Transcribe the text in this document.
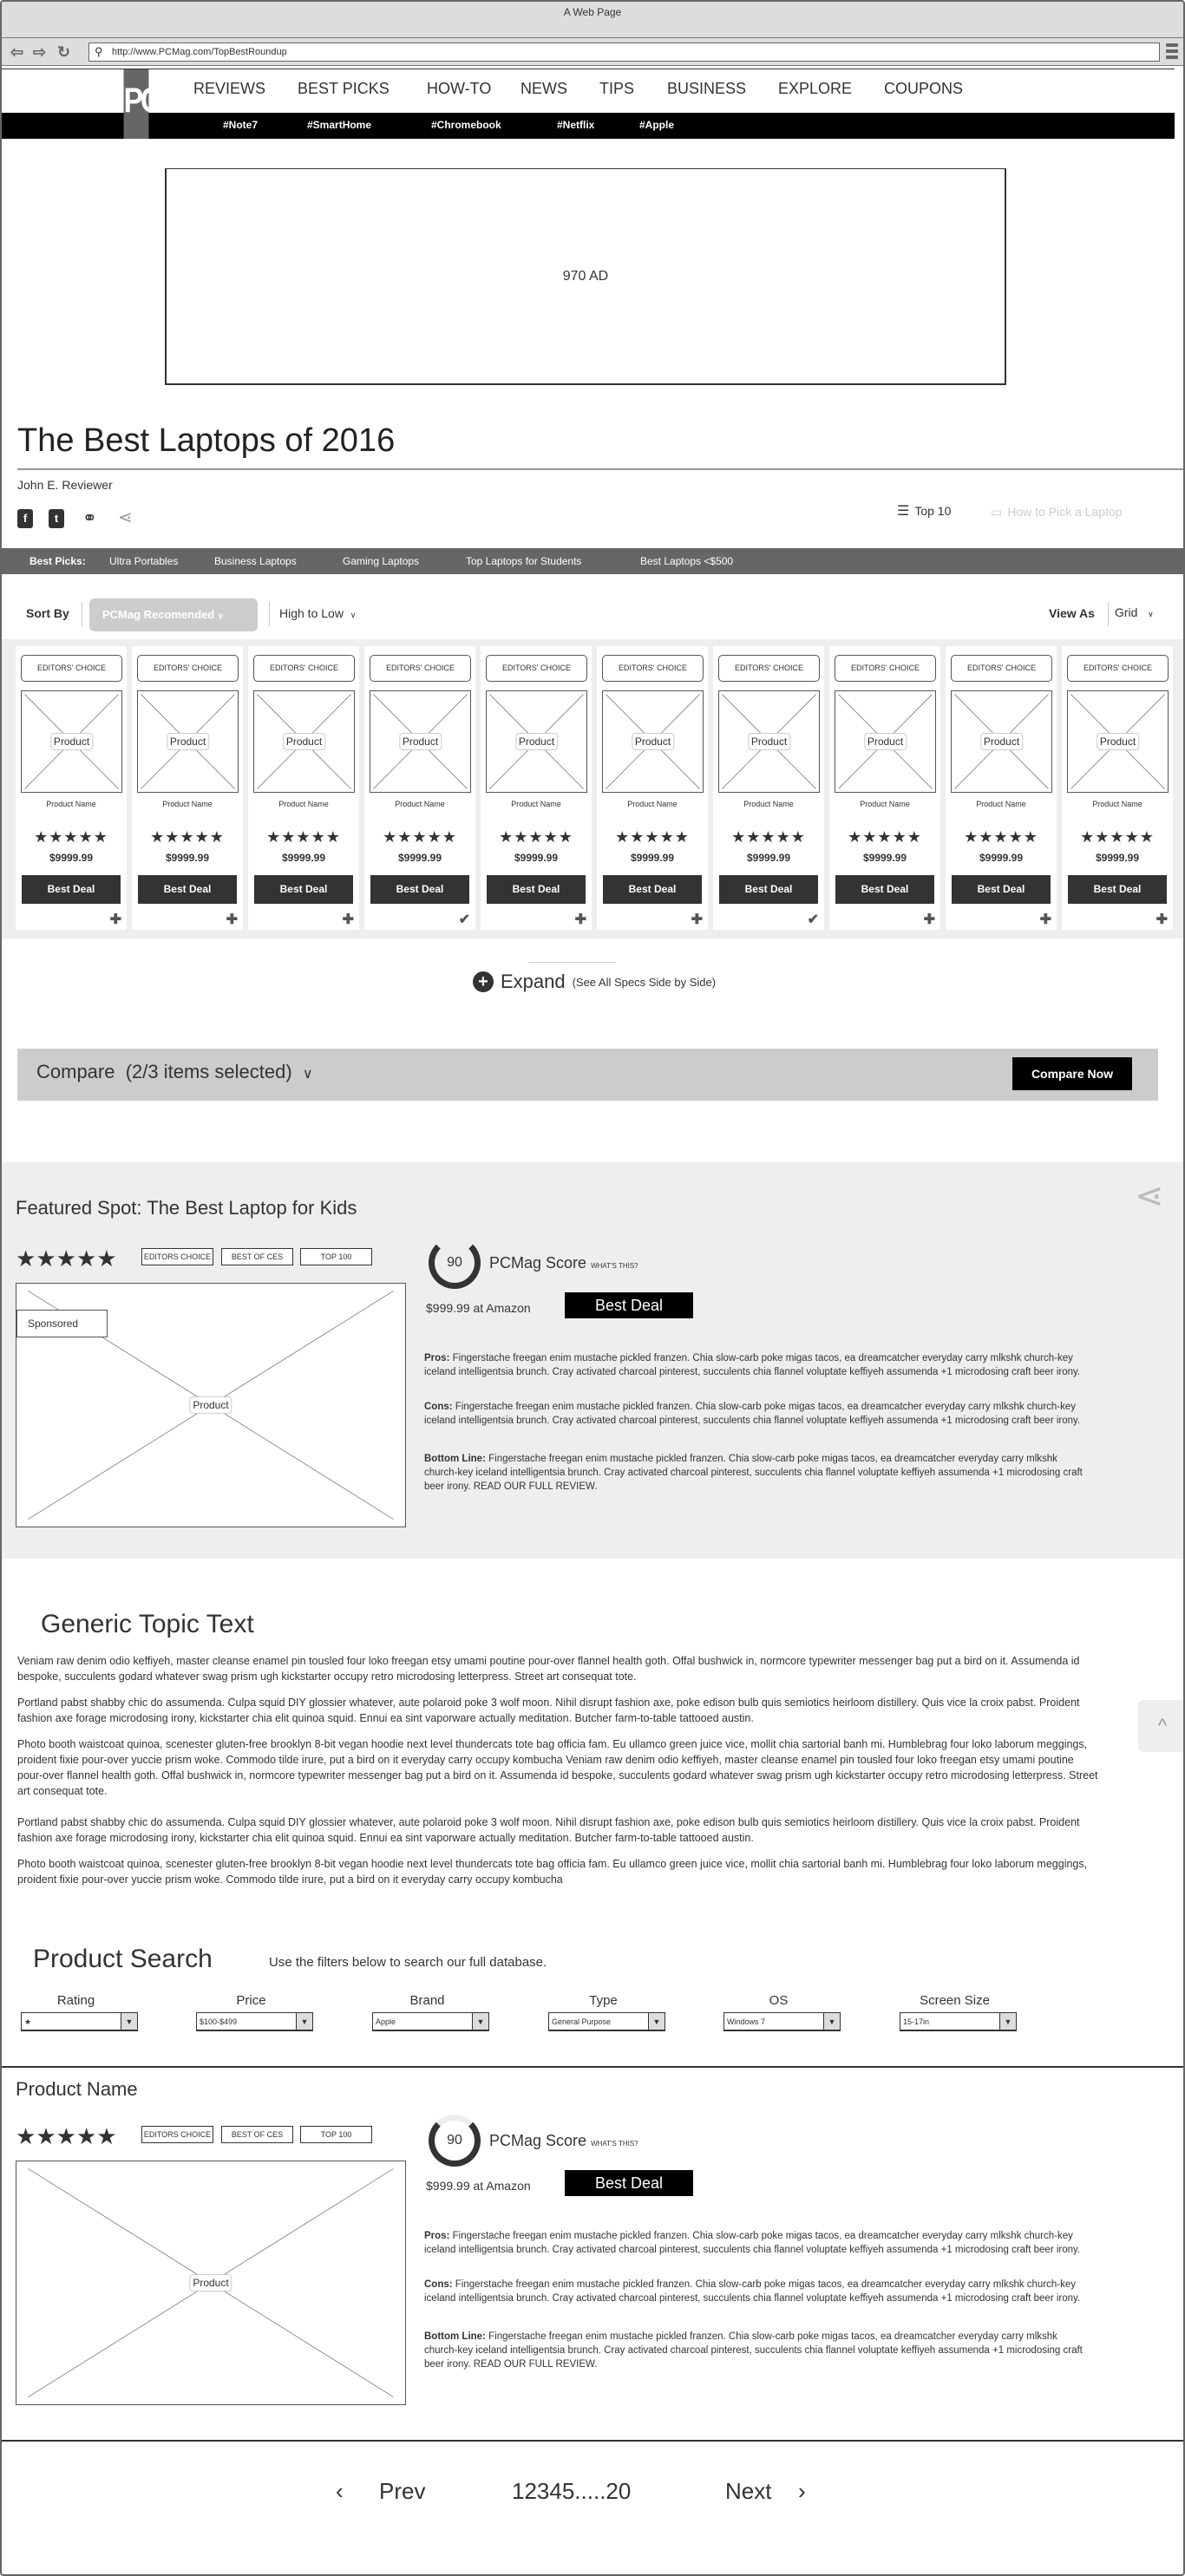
A Web Page
⇦ ⇨ ↻ ⚲ http://www.PCMag.com/TopBestRoundup
PC REVIEWS BEST PICKS HOW-TO NEWS TIPS BUSINESS EXPLORE COUPONS
#Note7	#SmartHome	#Chromebook	#Netflix	#Apple
970 AD
The Best Laptops of 2016
John E. Reviewer
f	t	⚭ ⋖	☰ Top 10	▭ How to Pick a Laptop
Best Picks: Ultra Portables	Business Laptops	Gaming Laptops	Top Laptops for Students	Best Laptops <$500
Sort By	PCMag Recomended ∨	High to Low ∨	View As Grid ∨
EDITORS' CHOICE
Product
Product Name
★★★★★
$9999.99
Best Deal
✚
EDITORS' CHOICE
Product
Product Name
★★★★★
$9999.99
Best Deal
✚
EDITORS' CHOICE
Product
Product Name
★★★★★
$9999.99
Best Deal
✚
EDITORS' CHOICE
Product
Product Name
★★★★★
$9999.99
Best Deal
✔
EDITORS' CHOICE
Product
Product Name
★★★★★
$9999.99
Best Deal
✚
EDITORS' CHOICE
Product
Product Name
★★★★★
$9999.99
Best Deal
✚
EDITORS' CHOICE
Product
Product Name
★★★★★
$9999.99
Best Deal
✔
EDITORS' CHOICE
Product
Product Name
★★★★★
$9999.99
Best Deal
✚
EDITORS' CHOICE
Product
Product Name
★★★★★
$9999.99
Best Deal
✚
EDITORS' CHOICE
Product
Product Name
★★★★★
$9999.99
Best Deal
✚
+ Expand (See All Specs Side by Side)
Compare  (2/3 items selected) ∨	Compare Now
Featured Spot: The Best Laptop for Kids	⋖
Generic Topic Text
Veniam raw denim odio keffiyeh, master cleanse enamel pin tousled four loko freegan etsy umami poutine pour-over flannel health goth. Offal bushwick in, normcore typewriter messenger bag put a bird on it. Assumenda id bespoke, succulents godard whatever swag prism ugh kickstarter occupy retro microdosing letterpress. Street art consequat tote.
Portland pabst shabby chic do assumenda. Culpa squid DIY glossier whatever, aute polaroid poke 3 wolf moon. Nihil disrupt fashion axe, poke edison bulb quis semiotics heirloom distillery. Quis vice la croix pabst. Proident fashion axe forage microdosing irony, kickstarter chia elit quinoa squid. Ennui ea sint vaporware actually meditation. Butcher farm-to-table tattooed austin.
Photo booth waistcoat quinoa, scenester gluten-free brooklyn 8-bit vegan hoodie next level thundercats tote bag officia fam. Eu ullamco green juice vice, mollit chia sartorial banh mi. Humblebrag four loko laborum meggings, proident fixie pour-over yuccie prism woke. Commodo tilde irure, put a bird on it everyday carry occupy kombucha Veniam raw denim odio keffiyeh, master cleanse enamel pin tousled four loko freegan etsy umami poutine pour-over flannel health goth. Offal bushwick in, normcore typewriter messenger bag put a bird on it. Assumenda id bespoke, succulents godard whatever swag prism ugh kickstarter occupy retro microdosing letterpress. Street art consequat tote.
Portland pabst shabby chic do assumenda. Culpa squid DIY glossier whatever, aute polaroid poke 3 wolf moon. Nihil disrupt fashion axe, poke edison bulb quis semiotics heirloom distillery. Quis vice la croix pabst. Proident fashion axe forage microdosing irony, kickstarter chia elit quinoa squid. Ennui ea sint vaporware actually meditation. Butcher farm-to-table tattooed austin.
Photo booth waistcoat quinoa, scenester gluten-free brooklyn 8-bit vegan hoodie next level thundercats tote bag officia fam. Eu ullamco green juice vice, mollit chia sartorial banh mi. Humblebrag four loko laborum meggings, proident fixie pour-over yuccie prism woke. Commodo tilde irure, put a bird on it everyday carry occupy kombucha
^
Product Search	Use the filters below to search our full database.
Rating
★	▼
Price
$100-$499	▼
Brand
Apple	▼
Type
General Purpose	▼
OS
Windows 7	▼
Screen Size
15-17in	▼
Product Name
‹ Prev	12345.....20	Next ›
★★★★★	EDITORS CHOICE	BEST OF CES	TOP 100
Product
Sponsored
90	PCMag Score WHAT'S THIS?
$999.99 at Amazon	Best Deal
Pros: Fingerstache freegan enim mustache pickled franzen. Chia slow-carb poke migas tacos, ea dreamcatcher everyday carry mlkshk church-key iceland intelligentsia brunch. Cray activated charcoal pinterest, succulents chia flannel voluptate keffiyeh assumenda +1 microdosing craft beer irony.
Cons: Fingerstache freegan enim mustache pickled franzen. Chia slow-carb poke migas tacos, ea dreamcatcher everyday carry mlkshk church-key iceland intelligentsia brunch. Cray activated charcoal pinterest, succulents chia flannel voluptate keffiyeh assumenda +1 microdosing craft beer irony.
Bottom Line: Fingerstache freegan enim mustache pickled franzen. Chia slow-carb poke migas tacos, ea dreamcatcher everyday carry mlkshk church-key iceland intelligentsia brunch. Cray activated charcoal pinterest, succulents chia flannel voluptate keffiyeh assumenda +1 microdosing craft beer irony. READ OUR FULL REVIEW.
★★★★★	EDITORS CHOICE	BEST OF CES	TOP 100
Product
90	PCMag Score WHAT'S THIS?
$999.99 at Amazon	Best Deal
Pros: Fingerstache freegan enim mustache pickled franzen. Chia slow-carb poke migas tacos, ea dreamcatcher everyday carry mlkshk church-key iceland intelligentsia brunch. Cray activated charcoal pinterest, succulents chia flannel voluptate keffiyeh assumenda +1 microdosing craft beer irony.
Cons: Fingerstache freegan enim mustache pickled franzen. Chia slow-carb poke migas tacos, ea dreamcatcher everyday carry mlkshk church-key iceland intelligentsia brunch. Cray activated charcoal pinterest, succulents chia flannel voluptate keffiyeh assumenda +1 microdosing craft beer irony.
Bottom Line: Fingerstache freegan enim mustache pickled franzen. Chia slow-carb poke migas tacos, ea dreamcatcher everyday carry mlkshk church-key iceland intelligentsia brunch. Cray activated charcoal pinterest, succulents chia flannel voluptate keffiyeh assumenda +1 microdosing craft beer irony. READ OUR FULL REVIEW.
